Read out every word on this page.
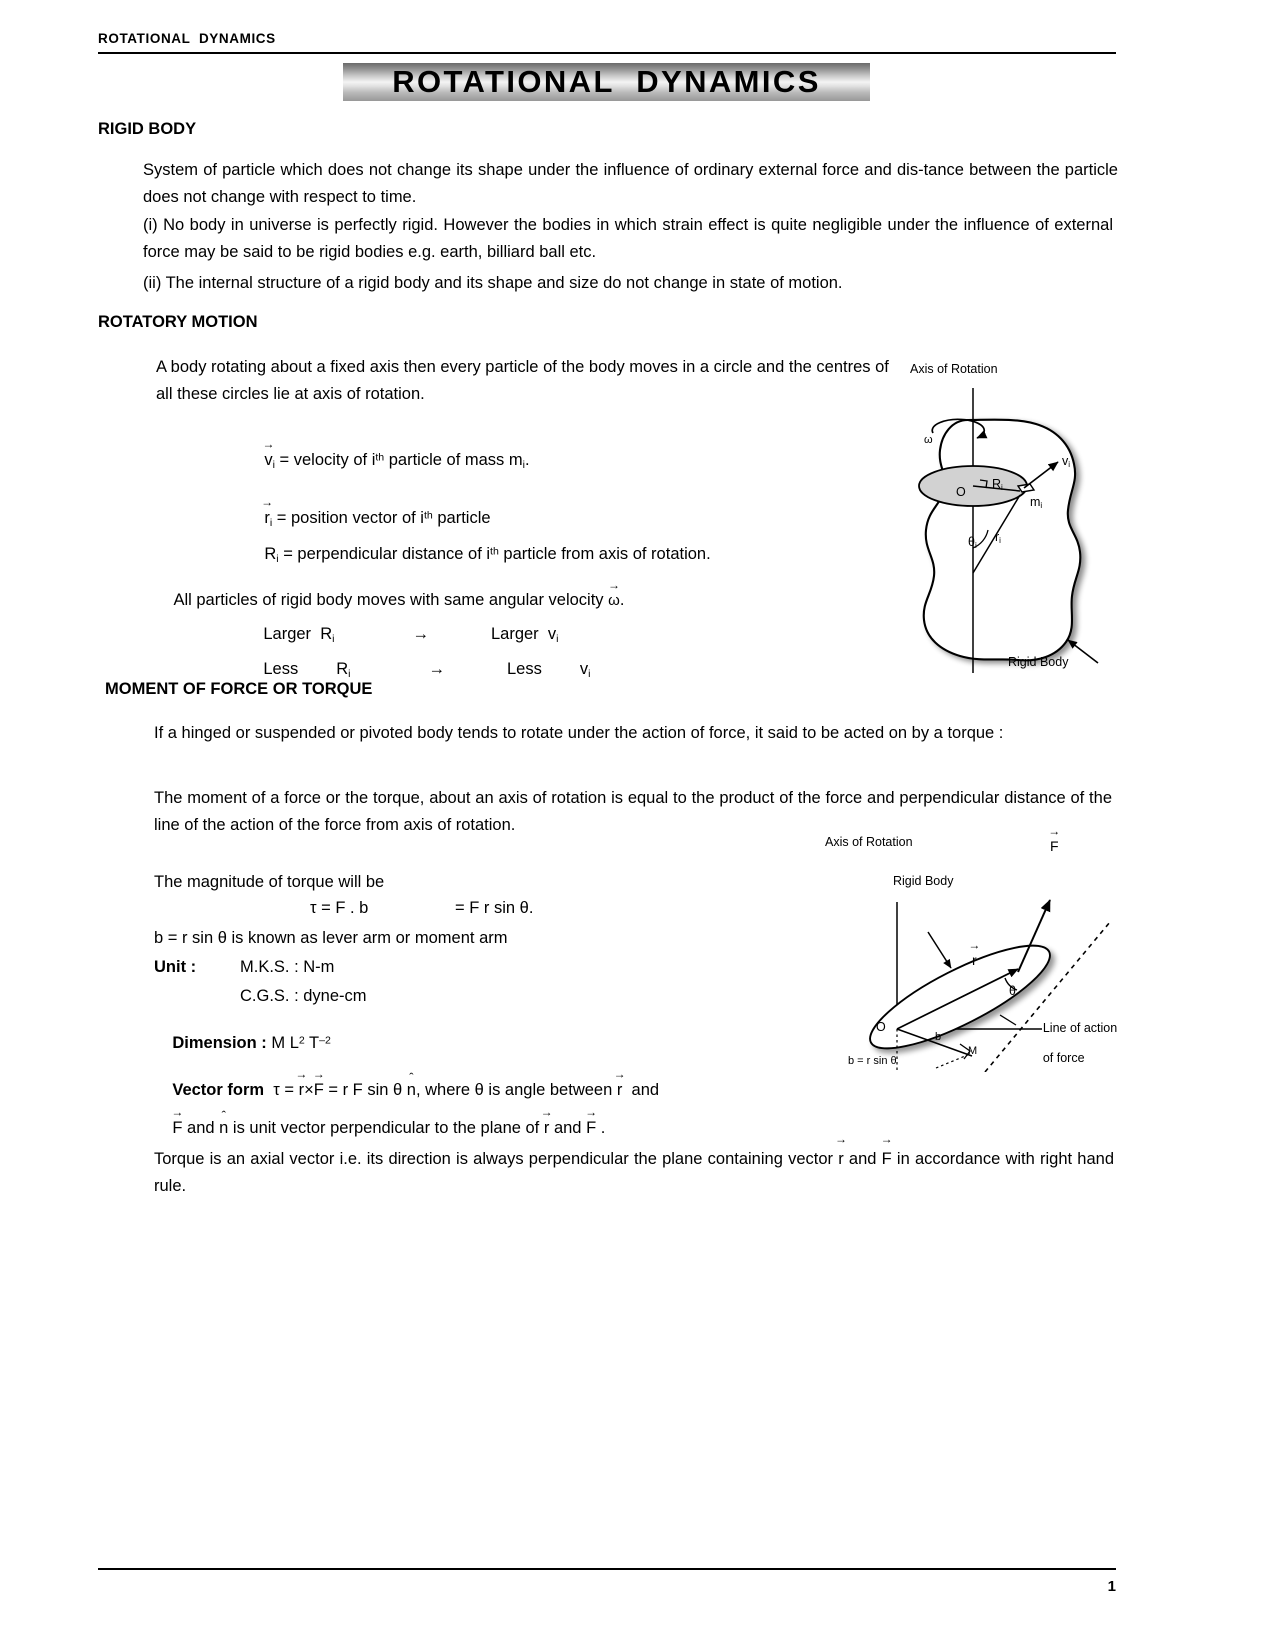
ROTATIONAL  DYNAMICS
ROTATIONAL  DYNAMICS
RIGID BODY
System of particle which does not change its shape under the influence of ordinary external force and dis-tance between the particle does not change with respect to time.
(i) No body in universe is perfectly rigid. However the bodies in which strain effect is quite negligible under the influence of external force may be said to be rigid bodies e.g. earth, billiard ball etc.
(ii) The internal structure of a rigid body and its shape and size do not change in state of motion.
ROTATORY MOTION
A body rotating about a fixed axis then every particle of the body moves in a circle and the centres of all these circles lie at axis of rotation.

→ $v_i$ = velocity of $i^{th}$ particle of mass $m_i$.

→ $r_i$ = position vector of $i^{th}$ particle

$R_i$ = perpendicular distance of $i^{th}$ particle from axis of rotation.

All particles of rigid body moves with same angular velocity → ω.

Larger $R_i$	→	Larger $v_i$

Less $R_i$	→	Less $v_i$

Axis of Rotation
ω
O
$R_i$
$m_i$
$v_i$
$r_i$
$\theta_i$
Rigid Body
MOMENT OF FORCE OR TORQUE
If a hinged or suspended or pivoted body tends to rotate under the action of force, it said to be acted on by a torque :
The moment of a force or the torque, about an axis of rotation is equal to the product of the force and perpendicular distance of the line of the action of the force from axis of rotation.
The magnitude of torque will be
τ = F . b	= F r sin θ.
b = r sin θ is known as lever arm or moment arm
Unit :	M.K.S. : N-m
C.G.S. : dyne-cm

Dimension : M $L^2$ $T^{-2}$

Vector form τ = → r×→ F = r F sin θ ˆ n, where θ is angle between → r  and

→ F and ˆ n is unit vector perpendicular to the plane of → r and → F .

Torque is an axial vector i.e. its direction is always perpendicular the plane containing vector → r and → F in accordance with right hand rule.
Axis of Rotation
Rigid Body
→ F
→ r
θ
O	Line of action

of force

b
M
b = r sin θ
1
